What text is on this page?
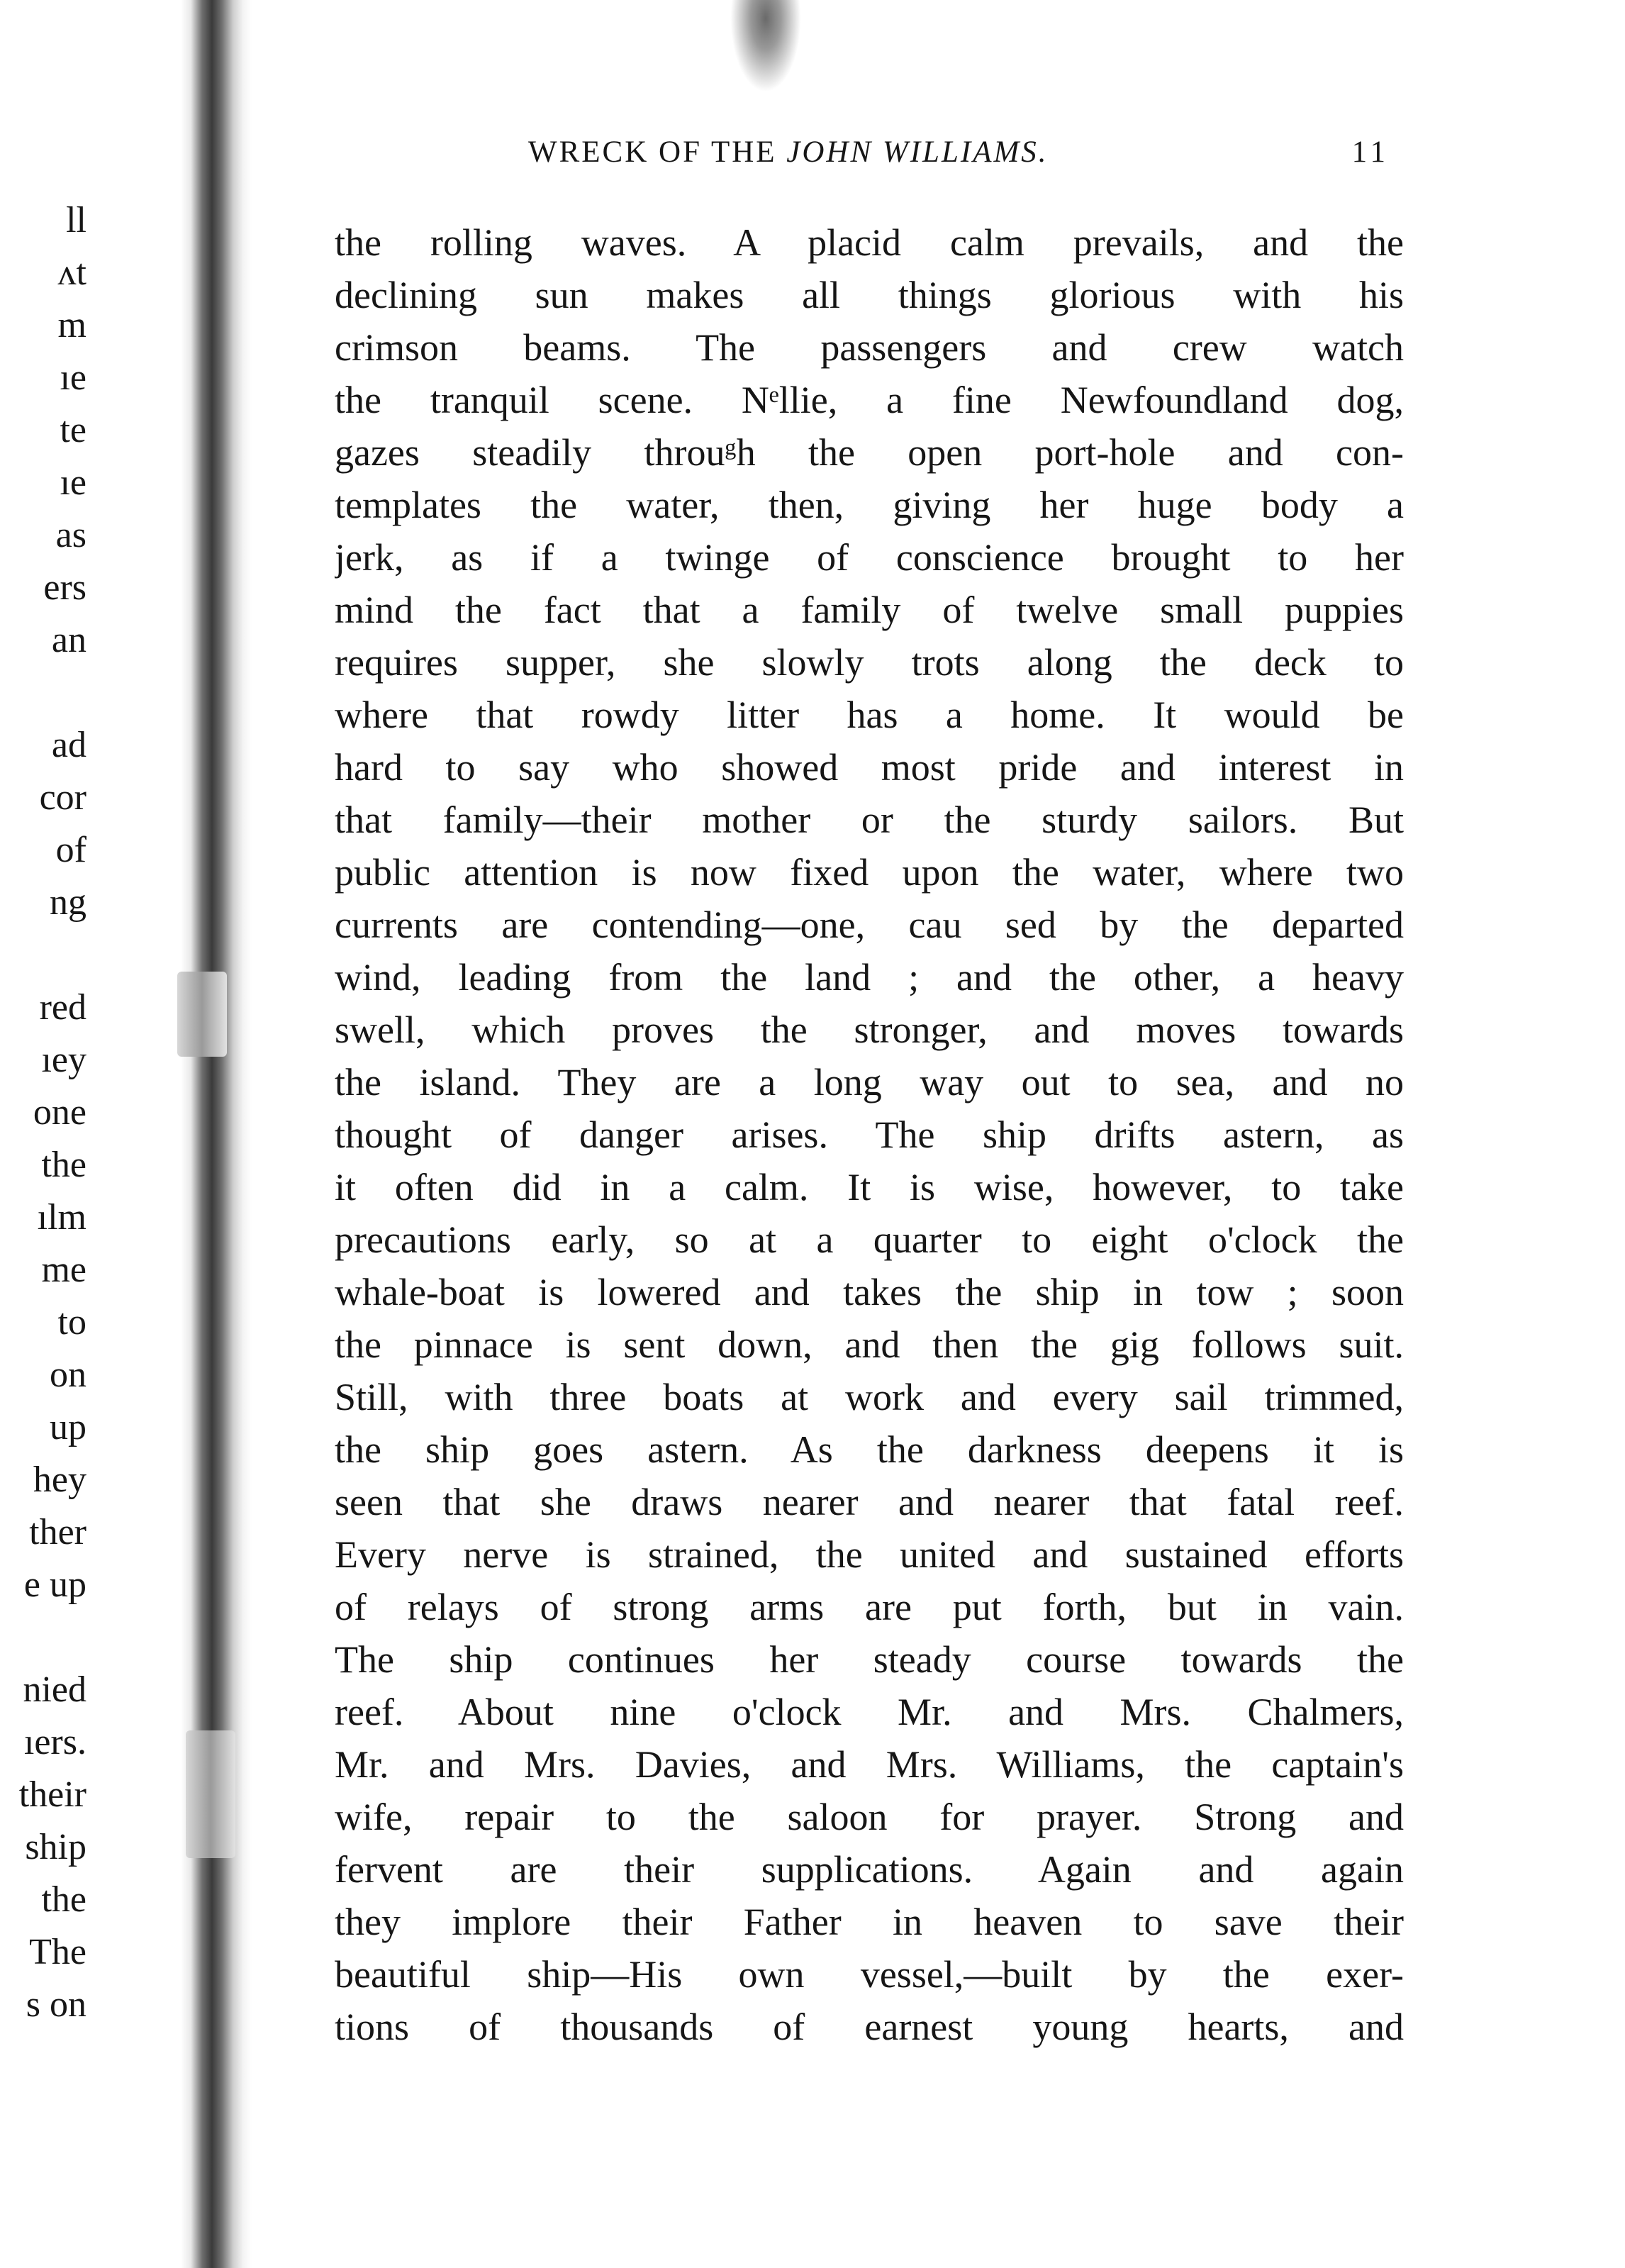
ll
ʌt
m
ıe
te
ıe
as
ers
an
ad
cor
of
ng
red
ıey
one
the
ılm
me
to
on
up
hey
ther
e up
nied
ıers.
their
ship
the
The
s on
WRECK OF THE JOHN WILLIAMS.	11
the rolling waves. A placid calm prevails, and the
declining sun makes all things glorious with his
crimson beams. The passengers and crew watch
the tranquil scene. Nᵉllie, a fine Newfoundland dog,
gazes steadily throuᵍh the open port-hole and con-
templates the water, then, giving her huge body a
jerk, as if a twinge of conscience brought to her
mind the fact that a family of twelve small puppies
requires supper, she slowly trots along the deck to
where that rowdy litter has a home. It would be
hard to say who showed most pride and interest in
that family—their mother or the sturdy sailors. But
public attention is now fixed upon the water, where two
currents are contending—one, cau sed by the departed
wind, leading from the land ; and the other, a heavy
swell, which proves the stronger, and moves towards
the island. They are a long way out to sea, and no
thought of danger arises. The ship drifts astern, as
it often did in a calm. It is wise, however, to take
precautions early, so at a quarter to eight o'clock the
whale-boat is lowered and takes the ship in tow ; soon
the pinnace is sent down, and then the gig follows suit.
Still, with three boats at work and every sail trimmed,
the ship goes astern. As the darkness deepens it is
seen that she draws nearer and nearer that fatal reef.
Every nerve is strained, the united and sustained efforts
of relays of strong arms are put forth, but in vain.
The ship continues her steady course towards the
reef. About nine o'clock Mr. and Mrs. Chalmers,
Mr. and Mrs. Davies, and Mrs. Williams, the captain's
wife, repair to the saloon for prayer. Strong and
fervent are their supplications. Again and again
they implore their Father in heaven to save their
beautiful ship—His own vessel,—built by the exer-
tions of thousands of earnest young hearts, and
